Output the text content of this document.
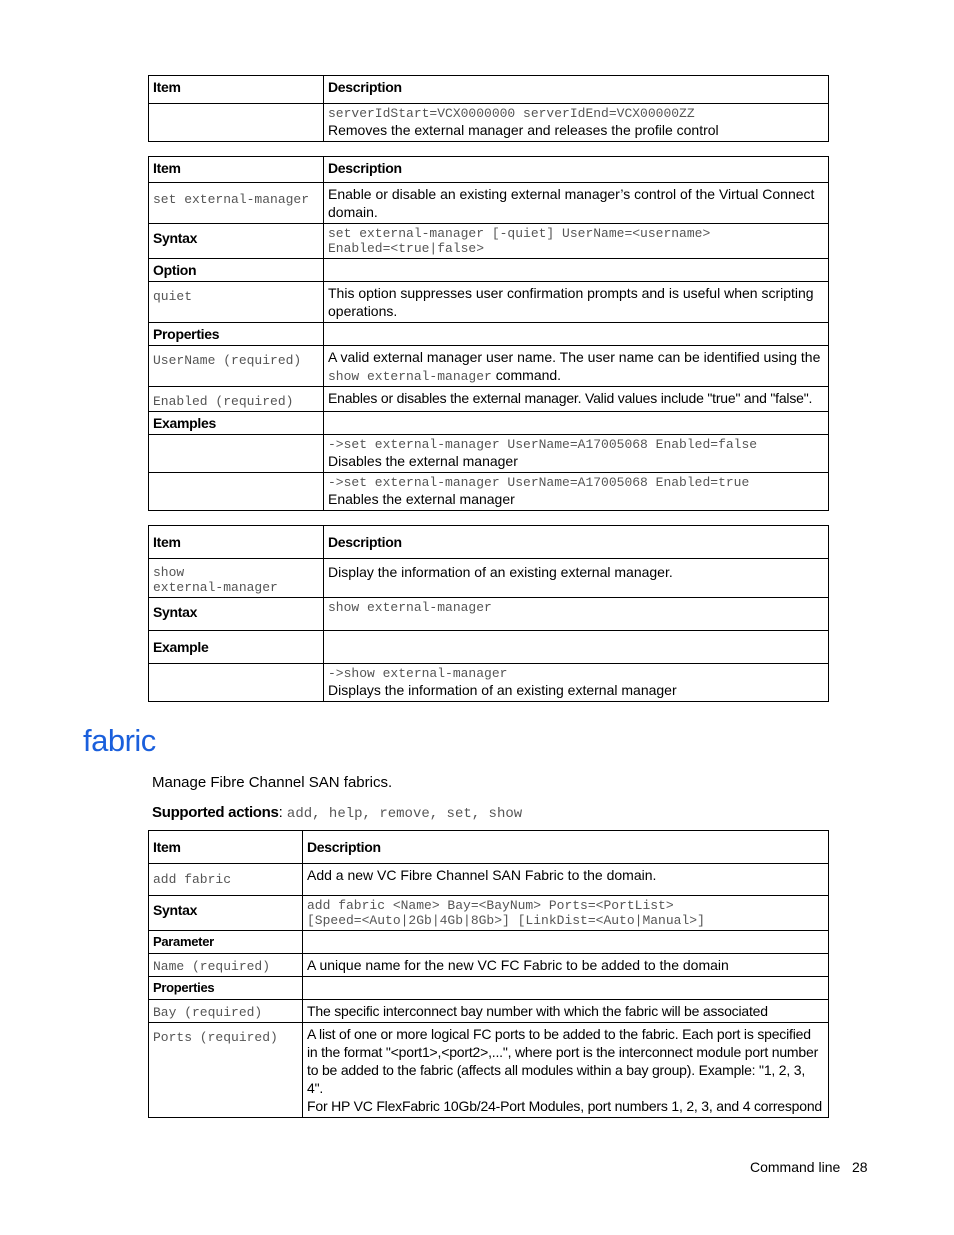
Item	Description

	serverIdStart=VCX0000000 serverIdEnd=VCX00000ZZ
Removes the external manager and releases the profile control
Item	Description
set external-manager	Enable or disable an existing external manager’s control of the Virtual Connect domain.
Syntax	set external-manager [-quiet] UserName=<username>
Enabled=<true|false>

Option	
quiet	This option suppresses user confirmation prompts and is useful when scripting operations.
Properties	
UserName (required)	A valid external manager user name. The user name can be identified using the
show external-manager command.
Enabled (required)	Enables or disables the external manager. Valid values include "true" and "false".
Examples	

	->set external-manager UserName=A17005068 Enabled=false
Disables the external manager

	->set external-manager UserName=A17005068 Enabled=true
Enables the external manager
Item	Description

show
external-manager	Display the information of an existing external manager.
Syntax	show external-manager

Example	

	->show external-manager
Displays the information of an existing external manager
fabric
Manage Fibre Channel SAN fabrics.
Supported actions: add, help, remove, set, show
Item	Description
add fabric	Add a new VC Fibre Channel SAN Fabric to the domain.
Syntax	add fabric <Name> Bay=<BayNum> Ports=<PortList>
[Speed=<Auto|2Gb|4Gb|8Gb>] [LinkDist=<Auto|Manual>]

Parameter	
Name (required)	A unique name for the new VC FC Fabric to be added to the domain
Properties	
Bay (required)	The specific interconnect bay number with which the fabric will be associated
Ports (required)	A list of one or more logical FC ports to be added to the fabric. Each port is specified in the format "<port1>,<port2>,...", where port is the interconnect module port number to be added to the fabric (affects all modules within a bay group). Example: "1, 2, 3, 4".
For HP VC FlexFabric 10Gb/24-Port Modules, port numbers 1, 2, 3, and 4 correspond
Command line 28
